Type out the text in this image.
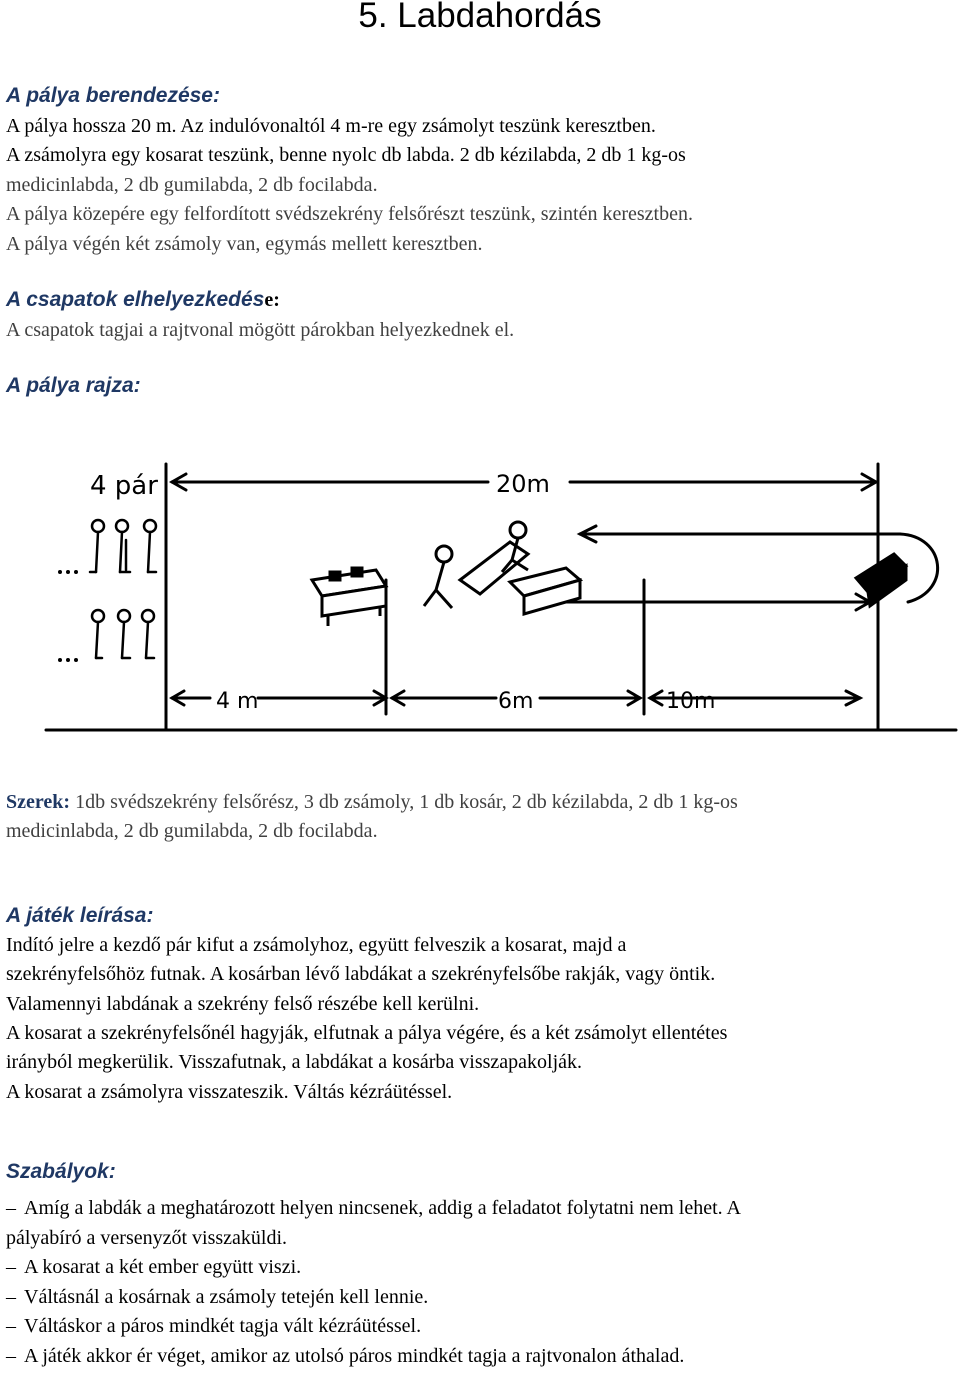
5. Labdahordás
A pálya berendezése:

A pálya hossza 20 m. Az indulóvonaltól 4 m-re egy zsámolyt teszünk keresztben.

A zsámolyra egy kosarat teszünk, benne nyolc db labda. 2 db kézilabda, 2 db 1 kg-os

medicinlabda, 2 db gumilabda, 2 db focilabda.

A pálya közepére egy felfordított svédszekrény felsőrészt teszünk, szintén keresztben.

A pálya végén két zsámoly van, egymás mellett keresztben.

A csapatok elhelyezkedése:

A csapatok tagjai a rajtvonal mögött párokban helyezkednek el.

A pálya rajza:
4 pár	20m
4 m	6m	10m

Szerek: 1db svédszekrény felsőrész, 3 db zsámoly, 1 db kosár, 2 db kézilabda, 2 db 1 kg-os

medicinlabda, 2 db gumilabda, 2 db focilabda.

A játék leírása:

Indító jelre a kezdő pár kifut a zsámolyhoz, együtt felveszik a kosarat, majd a

szekrényfelsőhöz futnak. A kosárban lévő labdákat a szekrényfelsőbe rakják, vagy öntik.

Valamennyi labdának a szekrény felső részébe kell kerülni.

A kosarat a szekrényfelsőnél hagyják, elfutnak a pálya végére, és a két zsámolyt ellentétes

irányból megkerülik. Visszafutnak, a labdákat a kosárba visszapakolják.

A kosarat a zsámolyra visszateszik. Váltás kézráütéssel.

Szabályok:
– Amíg a labdák a meghatározott helyen nincsenek, addig a feladatot folytatni nem lehet. A
pályabíró a versenyzőt visszaküldi.
– A kosarat a két ember együtt viszi.
– Váltásnál a kosárnak a zsámoly tetején kell lennie.
– Váltáskor a páros mindkét tagja vált kézráütéssel.
– A játék akkor ér véget, amikor az utolsó páros mindkét tagja a rajtvonalon áthalad.
